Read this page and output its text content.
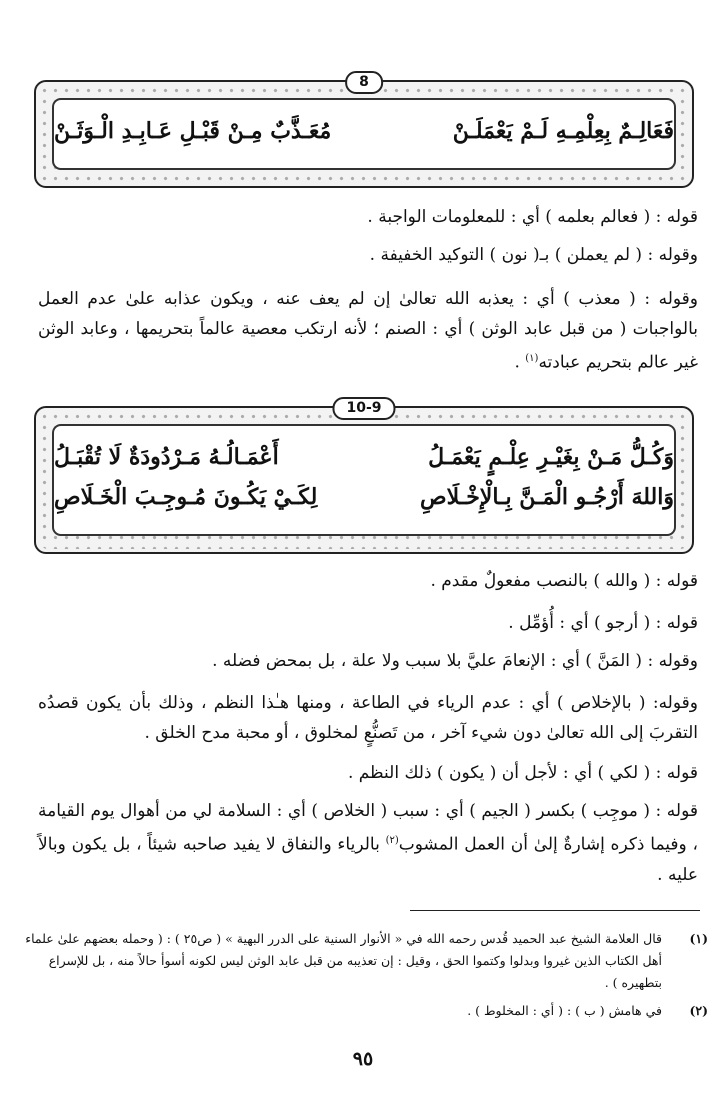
8
فَعَالِـمٌ بِعِلْمِـهِ لَـمْ يَعْمَلَـنْ
مُعَـذَّبٌ مِـنْ قَبْـلِ عَـابِـدِ الْـوَثَـنْ
قوله : ( فعالم بعلمه ) أي : للمعلومات الواجبة .
وقوله : ( لم يعملن ) بـ( نون ) التوكيد الخفيفة .
وقوله : ( معذب ) أي : يعذبه الله تعالىٰ إن لم يعف عنه ، ويكون عذابه علىٰ عدم العمل بالواجبات ( من قبل عابد الوثن ) أي : الصنم ؛ لأنه ارتكب معصية عالماً بتحريمها ، وعابد الوثن غير عالم بتحريم عبادته$^{(١)}$ .
10-9
وَكُـلُّ مَـنْ بِغَيْـرِ عِلْـمٍ يَعْمَـلُ
أَعْمَـالُـهُ مَـرْدُودَةٌ لَا تُقْبَـلُ
وَاللهَ أَرْجُـو الْمَـنَّ بِـالْإِخْـلَاصِ
لِكَـيْ يَكُـونَ مُـوجِـبَ الْخَـلَاصِ
قوله : ( والله ) بالنصب مفعولٌ مقدم .
قوله : ( أرجو ) أي : أُؤمِّل .
وقوله : ( المَنَّ ) أي : الإنعامَ عليَّ بلا سبب ولا علة ، بل بمحض فضله .
وقوله: ( بالإخلاص ) أي : عدم الرياء في الطاعة ، ومنها هـٰذا النظم ، وذلك بأن يكون قصدُه التقربَ إلى الله تعالىٰ دون شيء آخر ، من تَصنُّعٍ لمخلوق ، أو محبة مدح الخلق .
قوله : ( لكي ) أي : لأجل أن ( يكون ) ذلك النظم .
قوله : ( موجِب ) بكسر ( الجيم ) أي : سبب ( الخلاص ) أي : السلامة لي من أهوال يوم القيامة ، وفيما ذكره إشارةٌ إلىٰ أن العمل المشوب$^{(٢)}$ بالرياء والنفاق لا يفيد صاحبه شيئاً ، بل يكون وبالاً عليه .
(١)
قال العلامة الشيخ عبد الحميد قُدس رحمه الله في « الأنوار السنية على الدرر البهية » ( ص٢٥ ) : ( وحمله بعضهم علىٰ علماء أهل الكتاب الذين غيروا وبدلوا وكتموا الحق ، وقيل : إن تعذيبه من قبل عابد الوثن ليس لكونه أسوأ حالاً منه ، بل للإسراع بتطهيره ) .
(٢)
في هامش ( ب ) : ( أي : المخلوط ) .
٩٥
